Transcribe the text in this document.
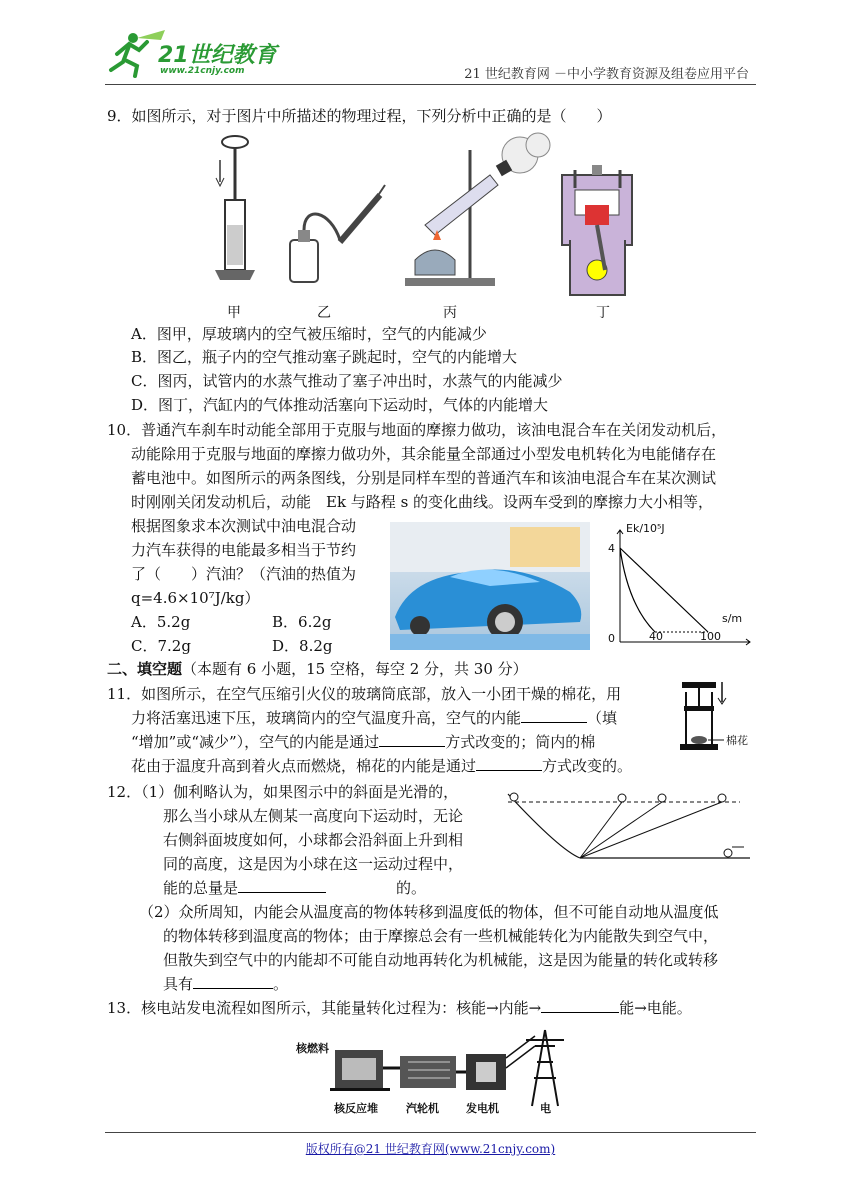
21世纪教育
www.21cnjy.com	21 世纪教育网 －中小学教育资源及组卷应用平台
9．如图所示，对于图片中所描述的物理过程，下列分析中正确的是（　　）
甲	乙	丙	丁
A．图甲，厚玻璃内的空气被压缩时，空气的内能减少
B．图乙，瓶子内的空气推动塞子跳起时，空气的内能增大
C．图丙，试管内的水蒸气推动了塞子冲出时，水蒸气的内能减少
D．图丁，汽缸内的气体推动活塞向下运动时，气体的内能增大
10．普通汽车刹车时动能全部用于克服与地面的摩擦力做功，该油电混合车在关闭发动机后，
动能除用于克服与地面的摩擦力做功外，其余能量全部通过小型发电机转化为电能储存在
蓄电池中。如图所示的两条图线，分别是同样车型的普通汽车和该油电混合车在某次测试
时刚刚关闭发动机后，动能　Ek 与路程 s 的变化曲线。设两车受到的摩擦力大小相等，
根据图象求本次测试中油电混合动
力汽车获得的电能最多相当于节约
了（　　）汽油？（汽油的热值为
q=4.6×10⁷J/kg）
A．5.2g	B．6.2g
C．7.2g	D．8.2g
Ek/10⁵J
4
0	40	100
s/m
二、填空题（本题有 6 小题，15 空格，每空 2 分，共 30 分）
11．如图所示，在空气压缩引火仪的玻璃筒底部，放入一小团干燥的棉花，用
力将活塞迅速下压，玻璃筒内的空气温度升高，空气的内能	（填
“增加”或“减少”），空气的内能是通过	方式改变的；筒内的棉
花由于温度升高到着火点而燃烧，棉花的内能是通过	方式改变的。
棉花
12．（1）伽利略认为，如果图示中的斜面是光滑的，
那么当小球从左侧某一高度向下运动时，无论
右侧斜面坡度如何，小球都会沿斜面上升到相
同的高度，这是因为小球在这一运动过程中，
能的总量是	的。
（2）众所周知，内能会从温度高的物体转移到温度低的物体，但不可能自动地从温度低
的物体转移到温度高的物体；由于摩擦总会有一些机械能转化为内能散失到空气中，
但散失到空气中的内能却不可能自动地再转化为机械能，这是因为能量的转化或转移
具有	。
13．核电站发电流程如图所示，其能量转化过程为：核能→内能→	能→电能。
核燃料
核反应堆	汽轮机 发电机	电
版权所有@21 世纪教育网(www.21cnjy.com)
